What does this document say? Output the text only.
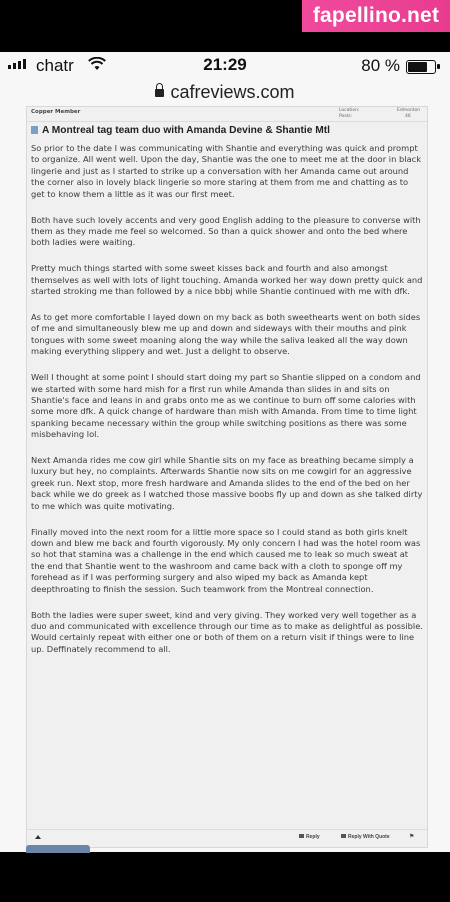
fapellino.net
chatr	21:29	80 %
cafreviews.com
Copper Member	Location:	Edmonton
Posts:	46
A Montreal tag team duo with Amanda Devine & Shantie Mtl

So prior to the date I was communicating with Shantie and everything was quick and prompt to organize. All went well. Upon the day, Shantie was the one to meet me at the door in black lingerie and just as I started to strike up a conversation with her Amanda came out around the corner also in lovely black lingerie so more staring at them from me and chatting as to get to know them a little as it was our first meet.

Both have such lovely accents and very good English adding to the pleasure to converse with them as they made me feel so welcomed. So than a quick shower and onto the bed where both ladies were waiting.

Pretty much things started with some sweet kisses back and fourth and also amongst themselves as well with lots of light touching. Amanda worked her way down pretty quick and started stroking me than followed by a nice bbbj while Shantie continued with me with dfk.

As to get more comfortable I layed down on my back as both sweethearts went on both sides of me and simultaneously blew me up and down and sideways with their mouths and pink tongues with some sweet moaning along the way while the saliva leaked all the way down making everything slippery and wet. Just a delight to observe.

Well I thought at some point I should start doing my part so Shantie slipped on a condom and we started with some hard mish for a first run while Amanda than slides in and sits on Shantie's face and leans in and grabs onto me as we continue to burn off some calories with some more dfk. A quick change of hardware than mish with Amanda. From time to time light spanking became necessary within the group while switching positions as there was some misbehaving lol.

Next Amanda rides me cow girl while Shantie sits on my face as breathing became simply a luxury but hey, no complaints. Afterwards Shantie now sits on me cowgirl for an aggressive greek run. Next stop, more fresh hardware and Amanda slides to the end of the bed on her back while we do greek as I watched those massive boobs fly up and down as she talked dirty to me which was quite motivating.

Finally moved into the next room for a little more space so I could stand as both girls knelt down and blew me back and fourth vigorously. My only concern I had was the hotel room was so hot that stamina was a challenge in the end which caused me to leak so much sweat at the end that Shantie went to the washroom and came back with a cloth to sponge off my forehead as if I was performing surgery and also wiped my back as Amanda kept deepthroating to finish the session. Such teamwork from the Montreal connection.

Both the ladies were super sweet, kind and very giving. They worked very well together as a duo and communicated with excellence through our time as to make as delightful as possible. Would certainly repeat with either one or both of them on a return visit if things were to line up. Deffinately recommend to all.

Reply	Reply With Quote	⚑
